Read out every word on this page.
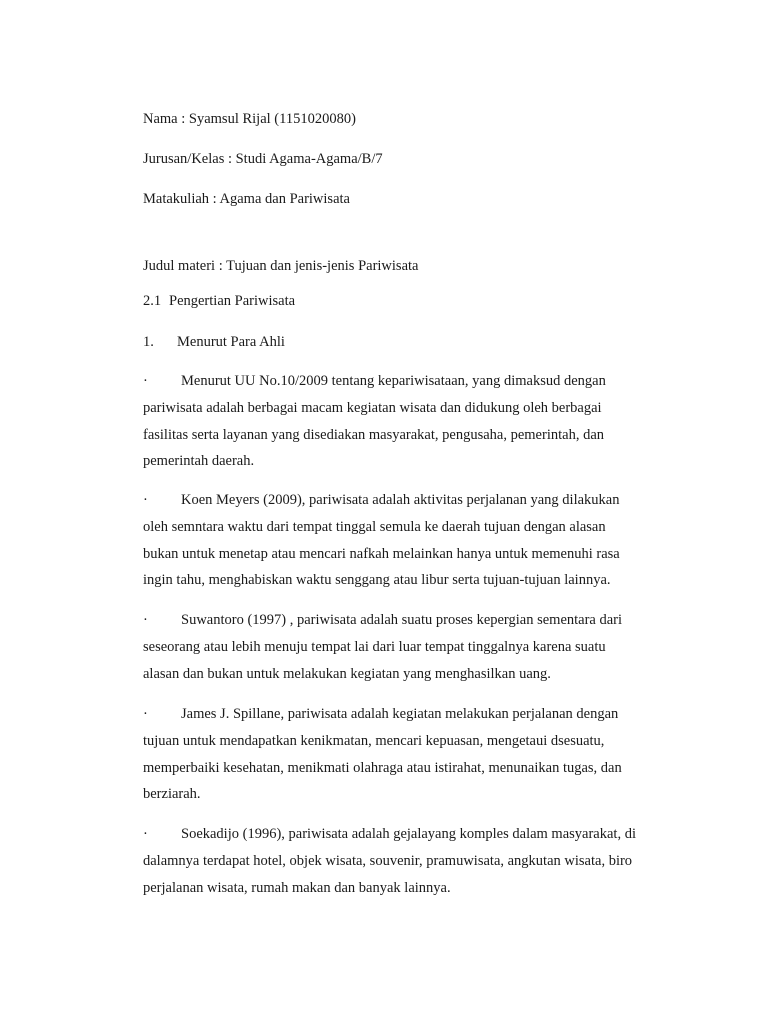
Nama : Syamsul Rijal (1151020080)
Jurusan/Kelas : Studi Agama-Agama/B/7
Matakuliah : Agama dan Pariwisata
Judul materi : Tujuan dan jenis-jenis Pariwisata
2.1 Pengertian Pariwisata
1. Menurut Para Ahli
· Menurut UU No.10/2009 tentang kepariwisataan, yang dimaksud dengan
pariwisata adalah berbagai macam kegiatan wisata dan didukung oleh berbagai
fasilitas serta layanan yang disediakan masyarakat, pengusaha, pemerintah, dan
pemerintah daerah.
· Koen Meyers (2009), pariwisata adalah aktivitas perjalanan yang dilakukan
oleh semntara waktu dari tempat tinggal semula ke daerah tujuan dengan alasan
bukan untuk menetap atau mencari nafkah melainkan hanya untuk memenuhi rasa
ingin tahu, menghabiskan waktu senggang atau libur serta tujuan-tujuan lainnya.
· Suwantoro (1997) , pariwisata adalah suatu proses kepergian sementara dari
seseorang atau lebih menuju tempat lai dari luar tempat tinggalnya karena suatu
alasan dan bukan untuk melakukan kegiatan yang menghasilkan uang.
· James J. Spillane, pariwisata adalah kegiatan melakukan perjalanan dengan
tujuan untuk mendapatkan kenikmatan, mencari kepuasan, mengetaui dsesuatu,
memperbaiki kesehatan, menikmati olahraga atau istirahat, menunaikan tugas, dan
berziarah.
· Soekadijo (1996), pariwisata adalah gejalayang komples dalam masyarakat, di
dalamnya terdapat hotel, objek wisata, souvenir, pramuwisata, angkutan wisata, biro
perjalanan wisata, rumah makan dan banyak lainnya.
